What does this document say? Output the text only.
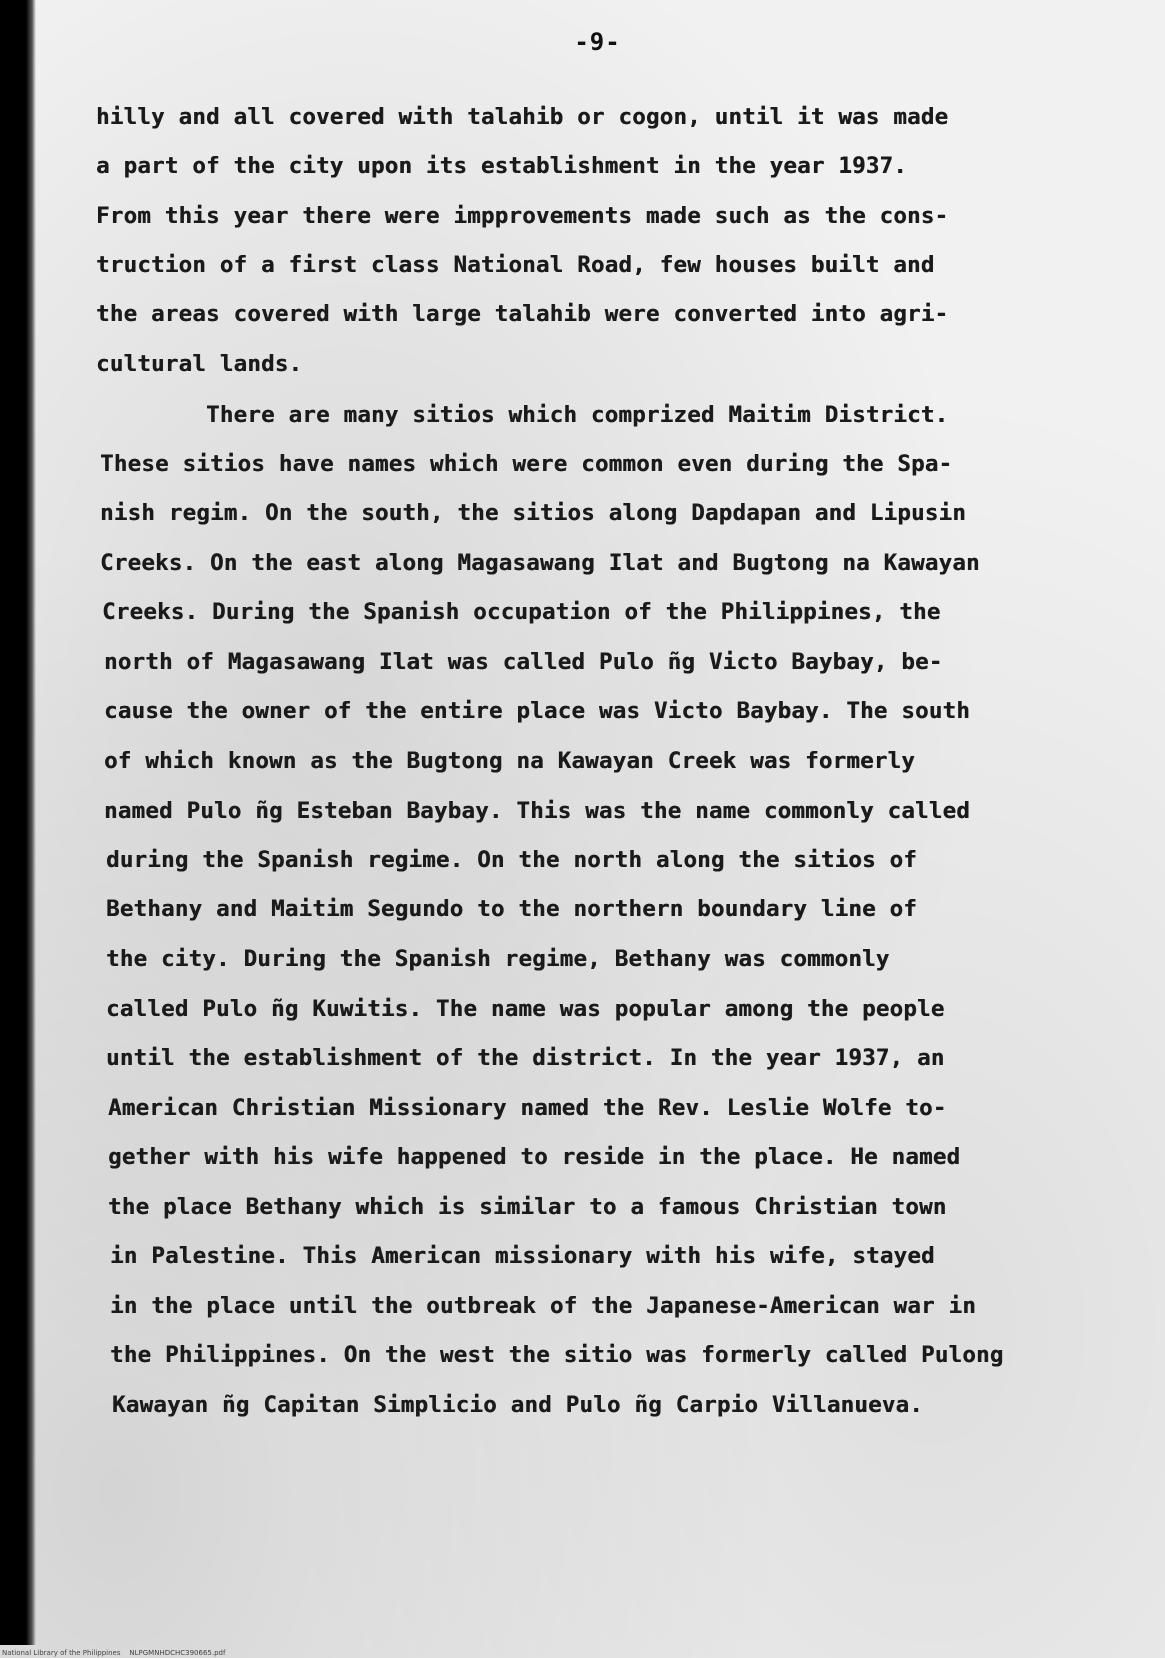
-9-

hilly and all covered with talahib or cogon, until it was made

a part of the city upon its establishment in the year 1937.

From this year there were impprovements made such as the cons-

truction of a first class National Road, few houses built and

the areas covered with large talahib were converted into agri-

cultural lands.

There are many sitios which comprized Maitim District.

These sitios have names which were common even during the Spa-

nish regim. On the south, the sitios along Dapdapan and Lipusin

Creeks. On the east along Magasawang Ilat and Bugtong na Kawayan

Creeks. During the Spanish occupation of the Philippines, the

north of Magasawang Ilat was called Pulo ñg Victo Baybay, be-

cause the owner of the entire place was Victo Baybay. The south

of which known as the Bugtong na Kawayan Creek was formerly

named Pulo ñg Esteban Baybay. This was the name commonly called

during the Spanish regime. On the north along the sitios of

Bethany and Maitim Segundo to the northern boundary line of

the city. During the Spanish regime, Bethany was commonly

called Pulo ñg Kuwitis. The name was popular among the people

until the establishment of the district. In the year 1937, an

American Christian Missionary named the Rev. Leslie Wolfe to-

gether with his wife happened to reside in the place. He named

the place Bethany which is similar to a famous Christian town

in Palestine. This American missionary with his wife, stayed

in the place until the outbreak of the Japanese-American war in

the Philippines. On the west the sitio was formerly called Pulong

Kawayan ñg Capitan Simplicio and Pulo ñg Carpio Villanueva.

National Library of the Philippines    NLPGMNHDCHC390665.pdf
